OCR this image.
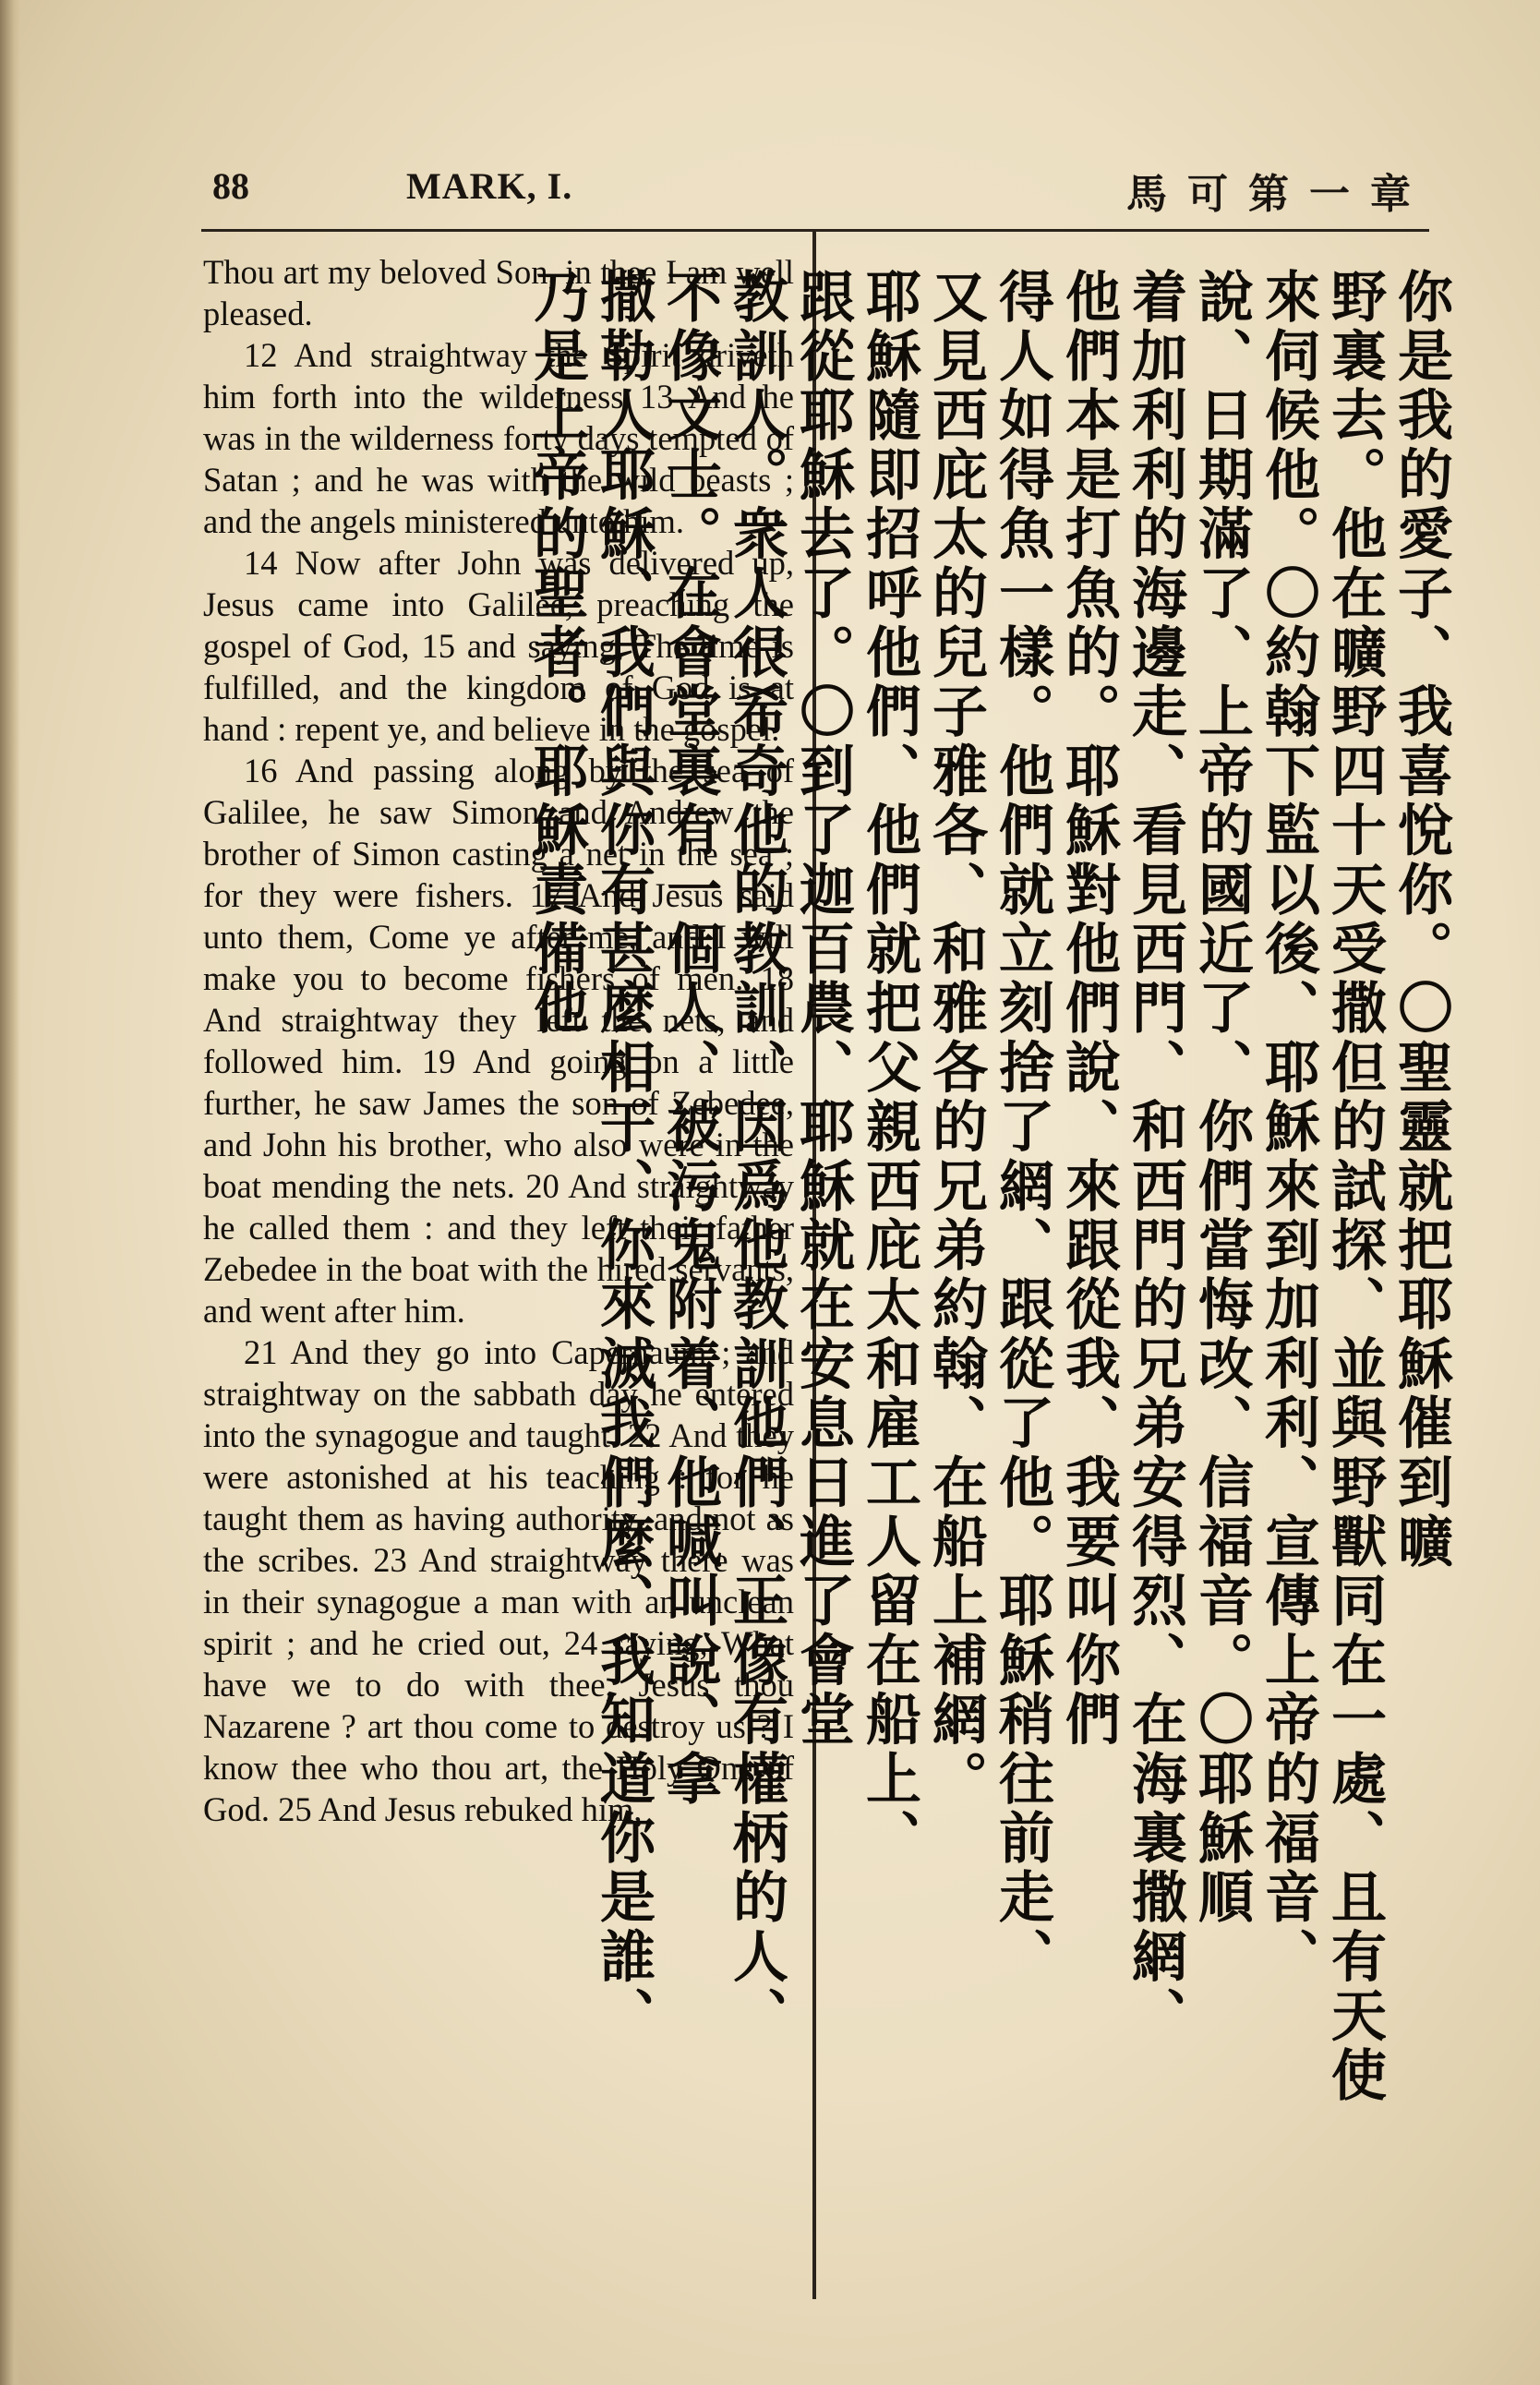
88	MARK, I.	馬可第一章

Thou art my beloved Son, in thee I am well pleased.

12 And straightway the Spirit driveth him forth into the wilderness 13 And he was in the wilderness forty days tempted of Satan ; and he was with the wild beasts ; and the angels ministered unto him.

14 Now after John was delivered up, Jesus came into Galilee, preaching the gospel of God, 15 and saying, The time is fulfilled, and the kingdom of God is at hand : repent ye, and believe in the gospel.

16 And passing along by the sea of Galilee, he saw Simon and Andrew the brother of Simon casting a net in the sea ; for they were fishers. 17 And Jesus said unto them, Come ye after me, and I will make you to become fishers of men. 18 And straightway they left the nets, and followed him. 19 And going on a little further, he saw James the son of Zebedee, and John his brother, who also were in the boat mending the nets. 20 And straightway he called them : and they left their father Zebedee in the boat with the hired servants, and went after him.

21 And they go into Capernaum ; and straightway on the sabbath day he entered into the synagogue and taught. 22 And they were astonished at his teaching : for he taught them as having authority, and not as the scribes. 23 And straightway there was in their synagogue a man with an unclean spirit ; and he cried out, 24 saying, What have we to do with thee, Jesus thou Nazarene ? art thou come to destroy us ? I know thee who thou art, the Holy One of God. 25 And Jesus rebuked him,

你是我的愛子、我喜悅你。〇聖靈就把耶穌催到曠
野裏去。他在曠野四十天受撒但的試探、並與野獸同在一處、且有天使
來伺候他。〇約翰下監以後、耶穌來到加利利、宣傳上帝的福音、
說、日期滿了、上帝的國近了、你們當悔改、信福音。〇耶穌順
着加利利的海邊走、看見西門、和西門的兄弟安得烈、在海裏撒網、
他們本是打魚的。耶穌對他們說、來跟從我、我要叫你們
得人如得魚一樣。他們就立刻捨了網、跟從了他。耶穌稍往前走、
又見西庇太的兒子雅各、和雅各的兄弟約翰、在船上補網。
耶穌隨即招呼他們、他們就把父親西庇太和雇工人留在船上、
跟從耶穌去了。〇到了迦百農、耶穌就在安息日進了會堂
教訓人。衆人很希奇他的教訓、因爲他教訓他們、正像有權柄的人、
不像文士。在會堂裏有一個人、被污鬼附着、他喊叫說、拿
撒勒人耶穌、我們與你有甚麼相干、你來滅我們麼、我知道你是誰、
乃是上帝的聖者。耶穌責備他
